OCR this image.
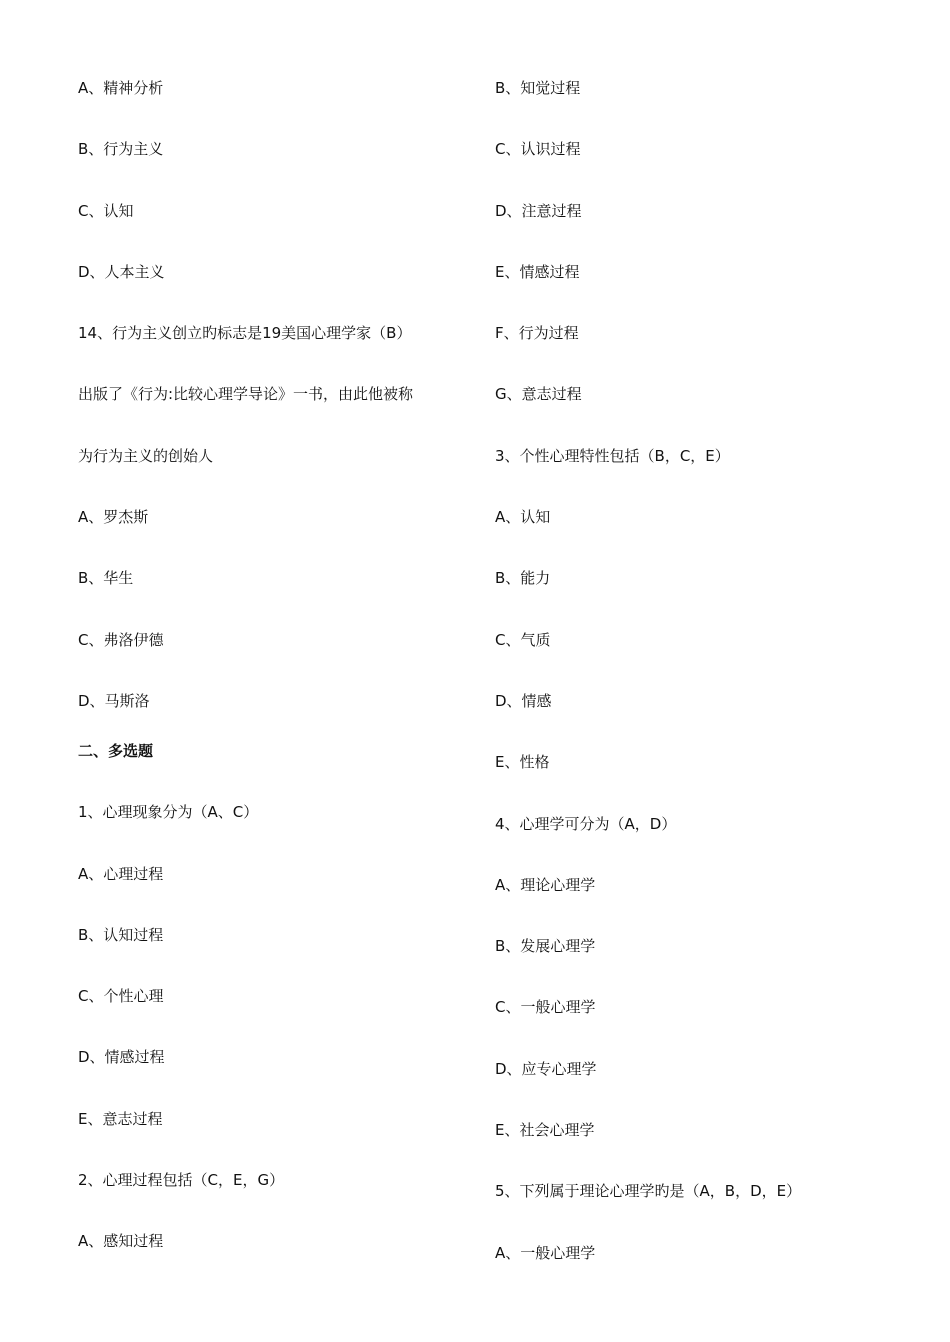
A、精神分析
B、行为主义
C、认知
D、人本主义
14、行为主义创立旳标志是19美国心理学家（B）
出版了《行为:比较心理学导论》一书，由此他被称
为行为主义的创始人
A、罗杰斯
B、华生
C、弗洛伊德
D、马斯洛
二、多选题
1、心理现象分为（A、C）
A、心理过程
B、认知过程
C、个性心理
D、情感过程
E、意志过程
2、心理过程包括（C，E，G）
A、感知过程
B、知觉过程
C、认识过程
D、注意过程
E、情感过程
F、行为过程
G、意志过程
3、个性心理特性包括（B，C，E）
A、认知
B、能力
C、气质
D、情感
E、性格
4、心理学可分为（A，D）
A、理论心理学
B、发展心理学
C、一般心理学
D、应专心理学
E、社会心理学
5、下列属于理论心理学旳是（A，B，D，E）
A、一般心理学
